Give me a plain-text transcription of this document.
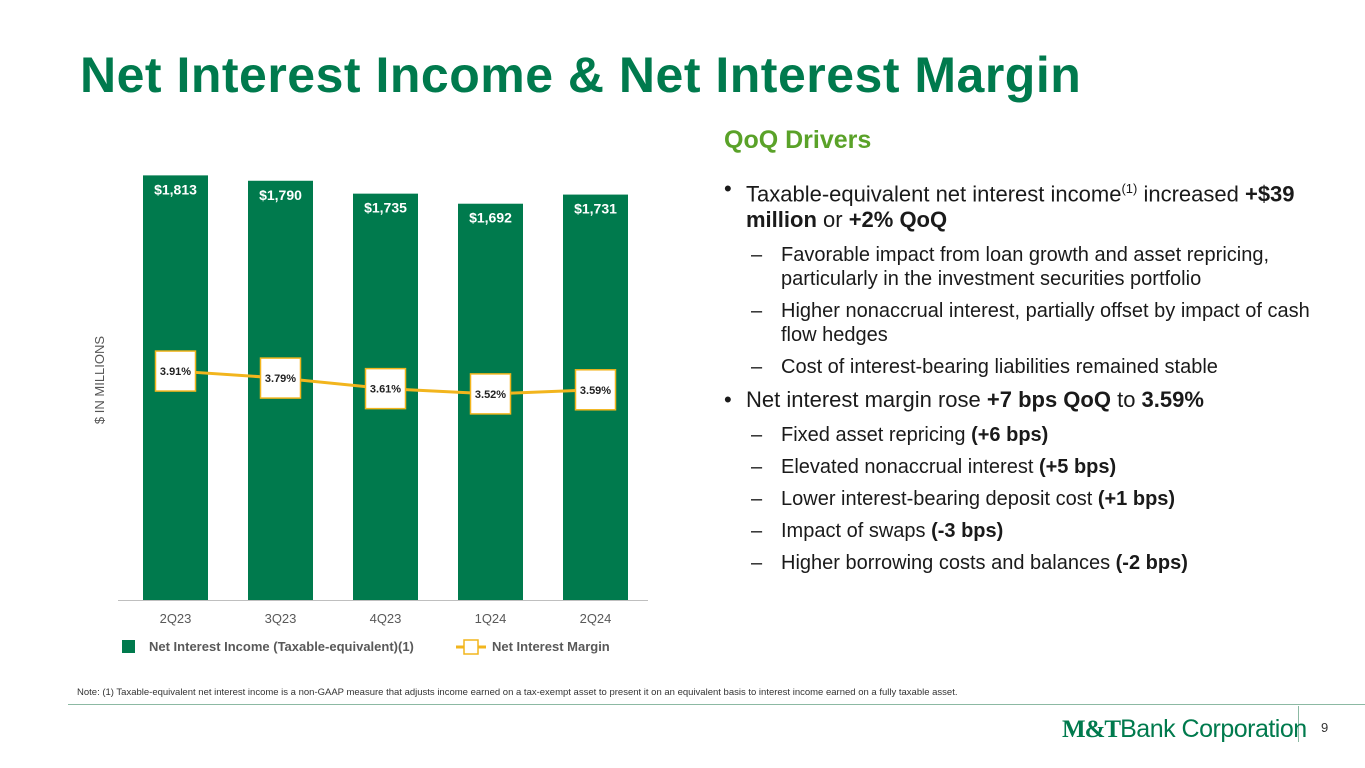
Net Interest Income & Net Interest Margin
$ IN MILLIONS
$1,813
2Q23
$1,790
3Q23
$1,735
4Q23
$1,692
1Q24
$1,731
2Q24
3.91%
3.79%
3.61%	3.52%	3.59%
Net Interest Income (Taxable-equivalent)(1)	Net Interest Margin
QoQ Drivers
• Taxable-equivalent net interest income$^{(1)}$ increased +$39 million or +2% QoQ
– Favorable impact from loan growth and asset repricing, particularly in the investment securities portfolio
– Higher nonaccrual interest, partially offset by impact of cash flow hedges
– Cost of interest-bearing liabilities remained stable
• Net interest margin rose +7 bps QoQ to 3.59%
– Fixed asset repricing (+6 bps)
– Elevated nonaccrual interest (+5 bps)
– Lower interest-bearing deposit cost (+1 bps)
– Impact of swaps (-3 bps)
– Higher borrowing costs and balances (-2 bps)
Note: (1) Taxable-equivalent net interest income is a non-GAAP measure that adjusts income earned on a tax-exempt asset to present it on an equivalent basis to interest income earned on a fully taxable asset.
M&TBank Corporation 9
